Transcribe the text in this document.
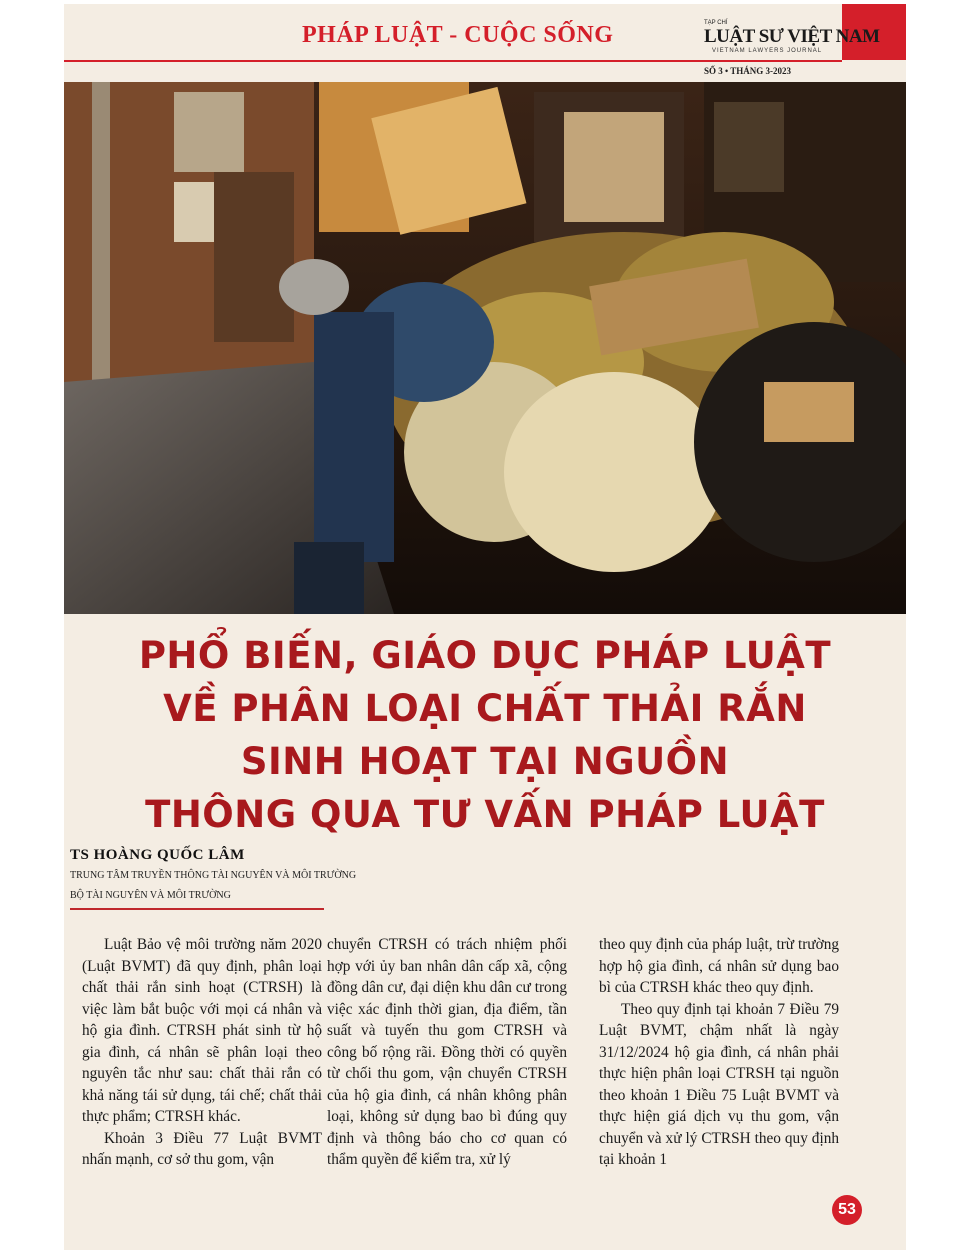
PHÁP LUẬT - CUỘC SỐNG	TẠP CHÍ
LUẬT SƯ VIỆT NAM
VIETNAM LAWYERS JOURNAL
SỐ 3 • THÁNG 3-2023
PHỔ BIẾN, GIÁO DỤC PHÁP LUẬT
VỀ PHÂN LOẠI CHẤT THẢI RẮN
SINH HOẠT TẠI NGUỒN
THÔNG QUA TƯ VẤN PHÁP LUẬT
TS HOÀNG QUỐC LÂM
TRUNG TÂM TRUYỀN THÔNG TÀI NGUYÊN VÀ MÔI TRƯỜNG
BỘ TÀI NGUYÊN VÀ MÔI TRƯỜNG

Luật Bảo vệ môi trường năm 2020 (Luật BVMT) đã quy định, phân loại chất thải rắn sinh hoạt (CTRSH) là việc làm bắt buộc với mọi cá nhân và hộ gia đình. CTRSH phát sinh từ hộ gia đình, cá nhân sẽ phân loại theo nguyên tắc như sau: chất thải rắn có khả năng tái sử dụng, tái chế; chất thải thực phẩm; CTRSH khác.

Khoản 3 Điều 77 Luật BVMT nhấn mạnh, cơ sở thu gom, vận

chuyển CTRSH có trách nhiệm phối hợp với ủy ban nhân dân cấp xã, cộng đồng dân cư, đại diện khu dân cư trong việc xác định thời gian, địa điểm, tần suất và tuyến thu gom CTRSH và công bố rộng rãi. Đồng thời có quyền từ chối thu gom, vận chuyển CTRSH của hộ gia đình, cá nhân không phân loại, không sử dụng bao bì đúng quy định và thông báo cho cơ quan có thẩm quyền để kiểm tra, xử lý

theo quy định của pháp luật, trừ trường hợp hộ gia đình, cá nhân sử dụng bao bì của CTRSH khác theo quy định.

Theo quy định tại khoản 7 Điều 79 Luật BVMT, chậm nhất là ngày 31/12/2024 hộ gia đình, cá nhân phải thực hiện phân loại CTRSH tại nguồn theo khoản 1 Điều 75 Luật BVMT và thực hiện giá dịch vụ thu gom, vận chuyển và xử lý CTRSH theo quy định tại khoản 1

53
